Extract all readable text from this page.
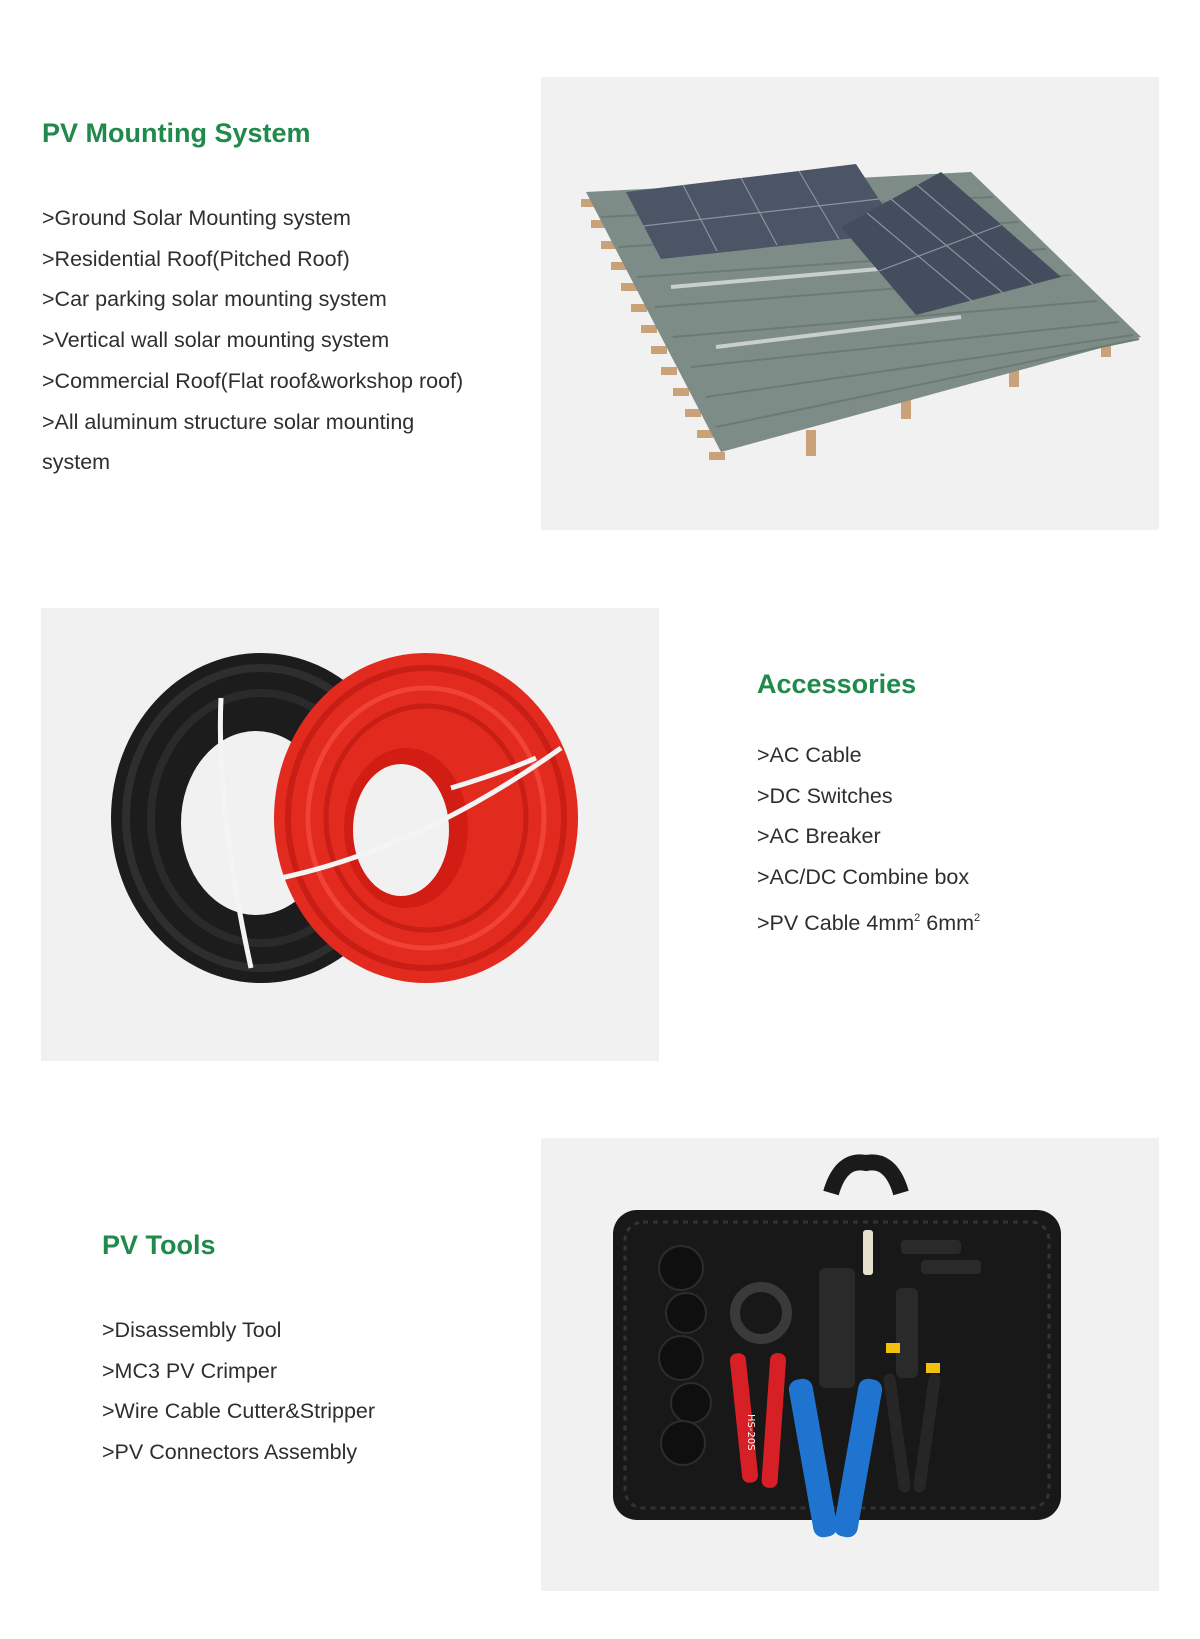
PV Mounting System
>Ground Solar Mounting system
>Residential Roof(Pitched Roof)
>Car parking solar mounting system
>Vertical wall solar mounting system
>Commercial Roof(Flat roof&workshop roof)
>All aluminum structure solar mounting system
Accessories
>AC Cable
>DC Switches
>AC Breaker
>AC/DC Combine box
>PV Cable $4mm^2$ $6mm^2$
PV Tools
>Disassembly Tool
>MC3 PV Crimper
>Wire Cable Cutter&Stripper
>PV Connectors Assembly
HS-20S
